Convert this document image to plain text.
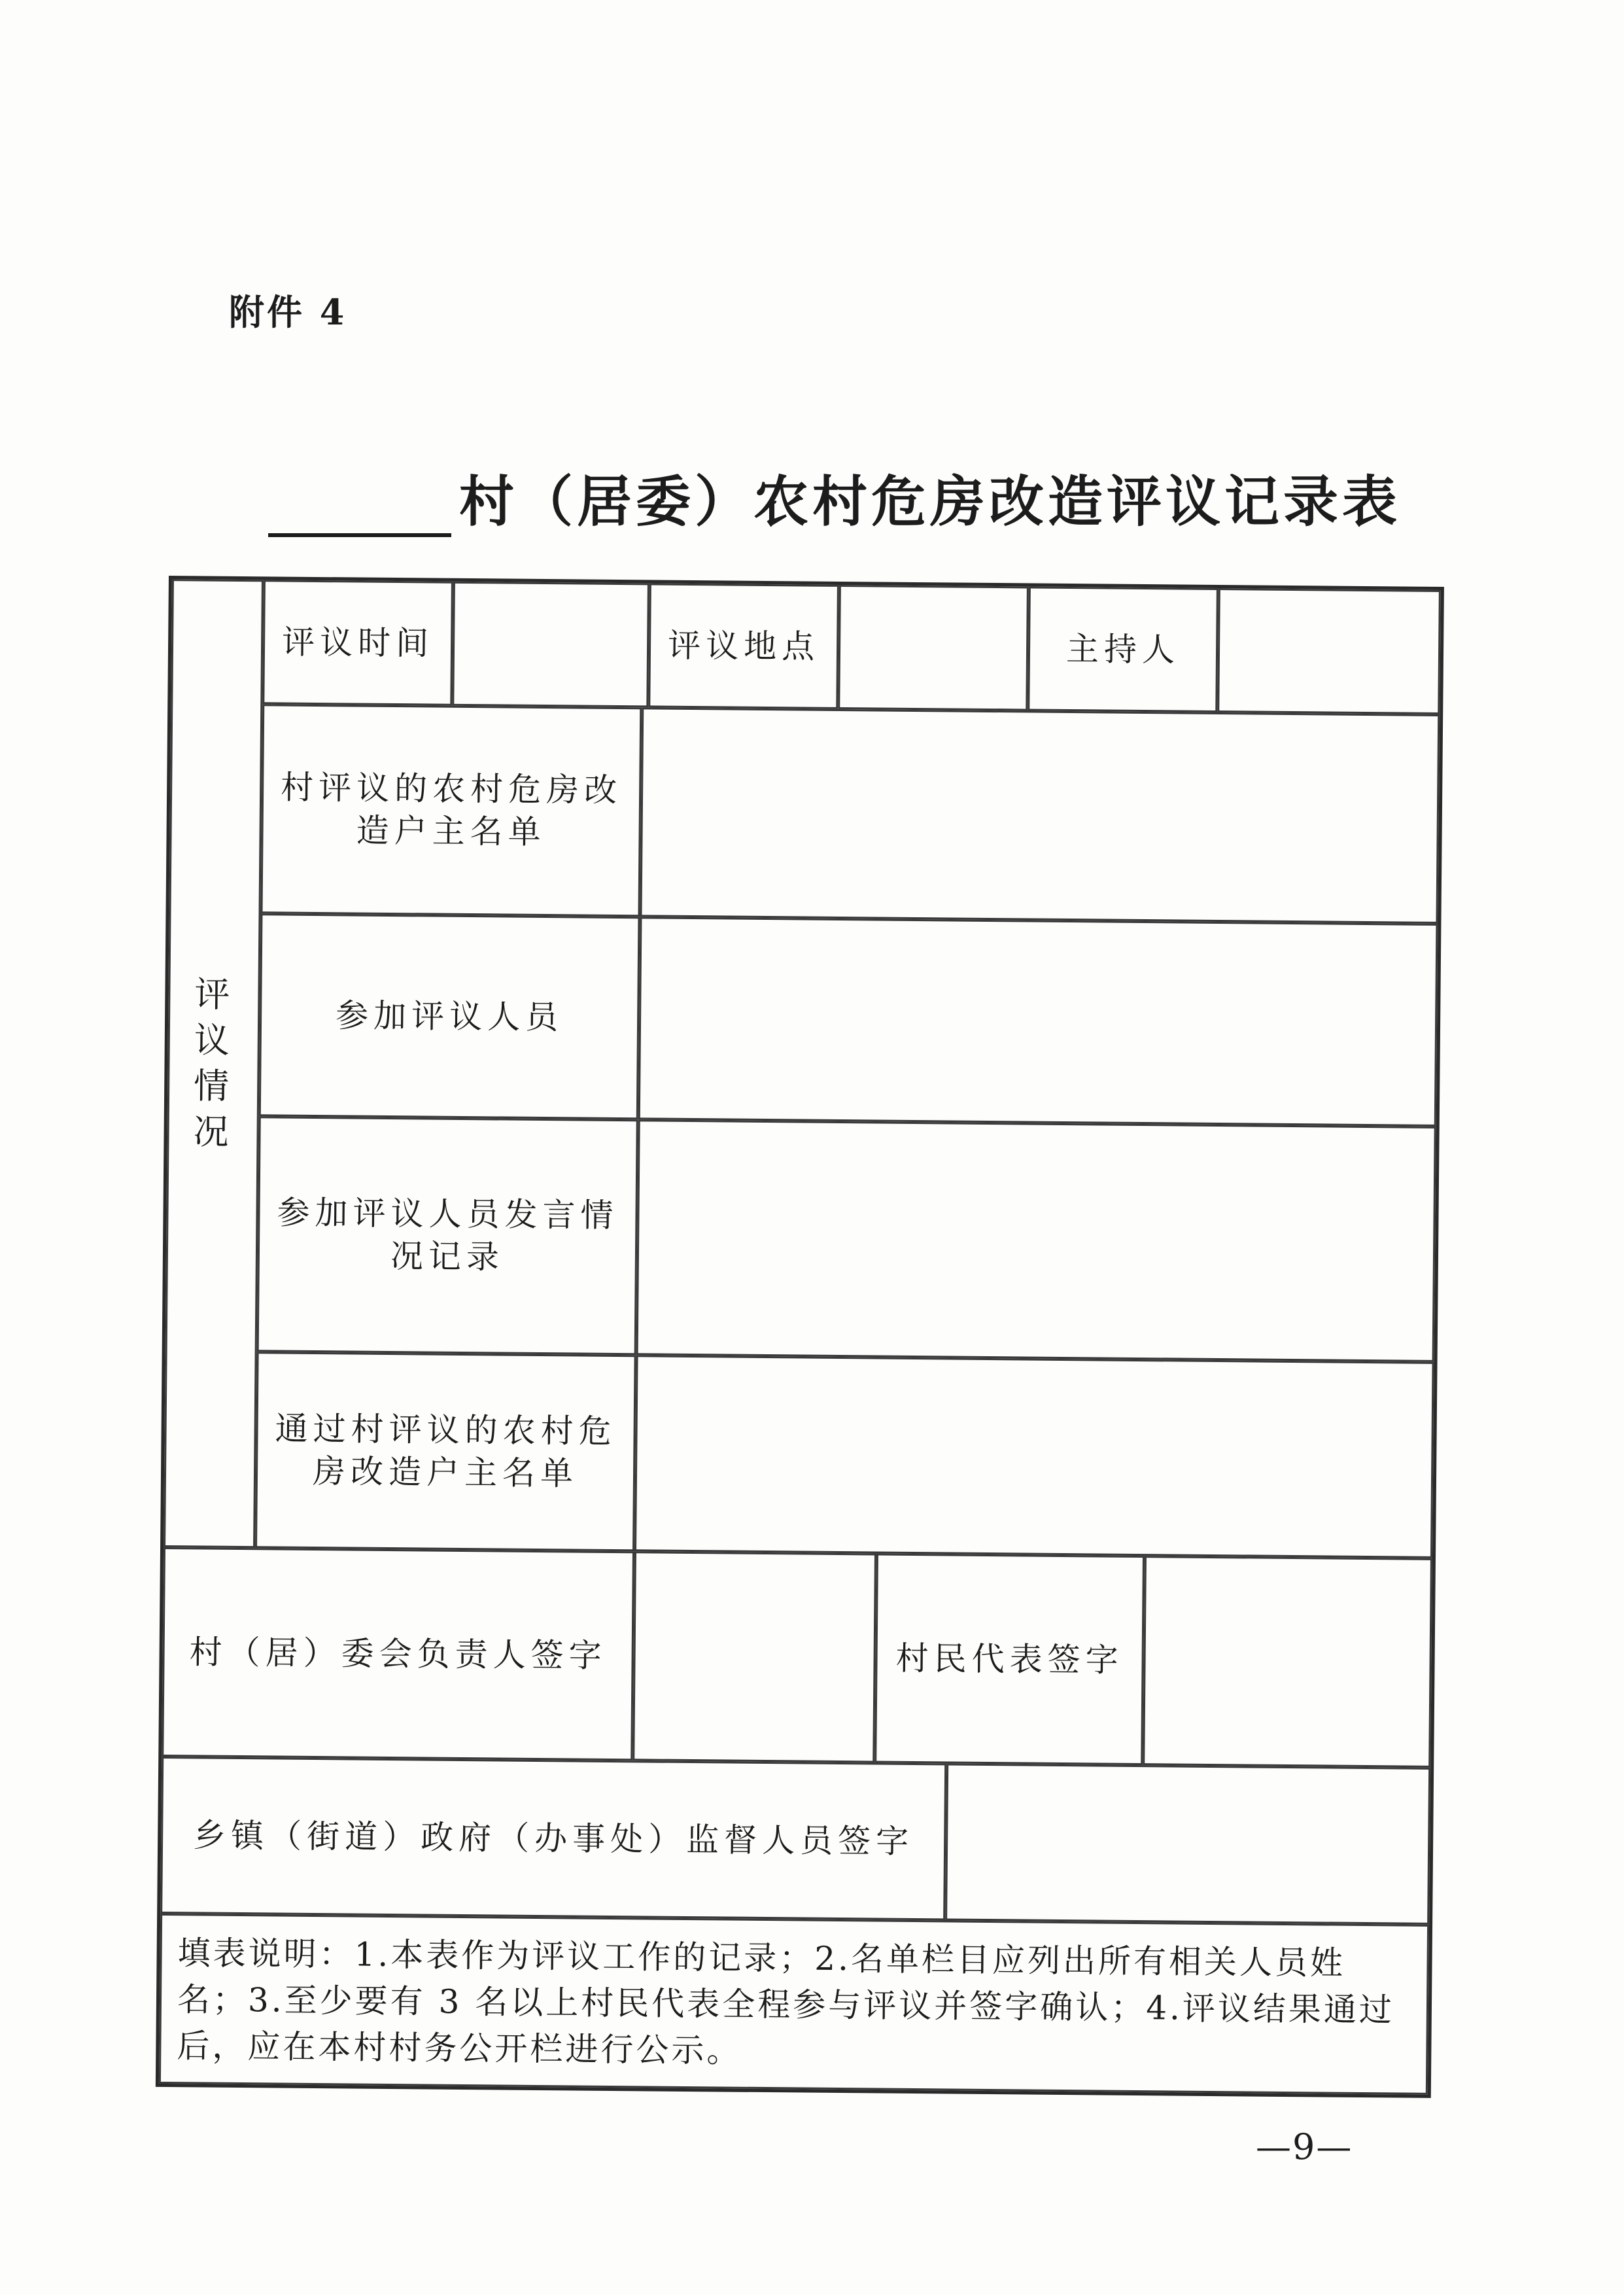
附件 4
村（居委）农村危房改造评议记录表
评议情况
评议时间	评议地点	主持人
村评议的农村危房改造户主名单
参加评议人员
参加评议人员发言情况记录
通过村评议的农村危房改造户主名单
村（居）委会负责人签字	村民代表签字
乡镇（街道）政府（办事处）监督人员签字
填表说明：1.本表作为评议工作的记录；2.名单栏目应列出所有相关人员姓名；3.至少要有 3 名以上村民代表全程参与评议并签字确认；4.评议结果通过后，应在本村村务公开栏进行公示。
—9—
